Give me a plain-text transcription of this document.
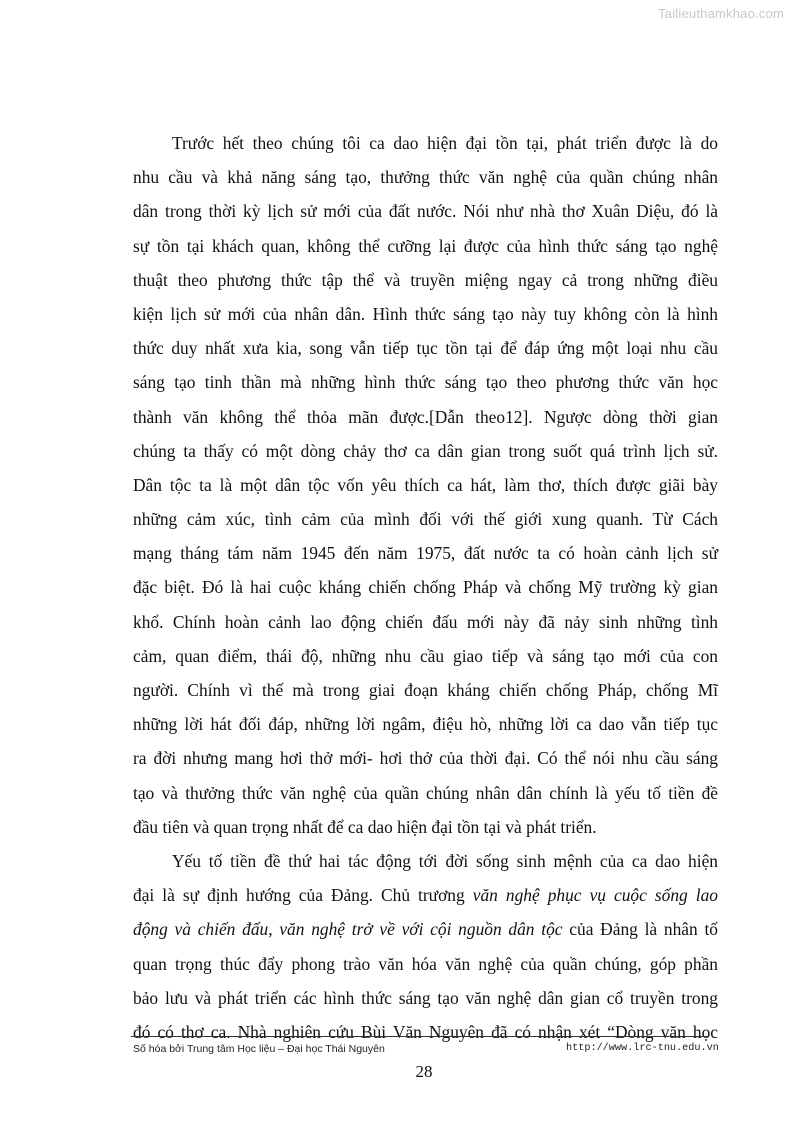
Tailieuthamkhao.com
Trước hết theo chúng tôi ca dao hiện đại tồn tại, phát triển được là do
nhu cầu và khả năng sáng tạo, thưởng thức văn nghệ của quần chúng nhân
dân trong thời kỳ lịch sử mới của đất nước. Nói như nhà thơ Xuân Diệu, đó là
sự tồn tại khách quan, không thể cưỡng lại được của hình thức sáng tạo nghệ
thuật theo phương thức tập thể và truyền miệng ngay cả trong những điều
kiện lịch sử mới của nhân dân. Hình thức sáng tạo này tuy không còn là hình
thức duy nhất xưa kia, song vẫn tiếp tục tồn tại để đáp ứng một loại nhu cầu
sáng tạo tinh thần mà những hình thức sáng tạo theo phương thức văn học
thành văn không thể thỏa mãn được.[Dẫn theo12]. Ngược dòng thời gian
chúng ta thấy có một dòng chảy thơ ca dân gian trong suốt quá trình lịch sử.
Dân tộc ta là một dân tộc vốn yêu thích ca hát, làm thơ, thích được giãi bày
những cảm xúc, tình cảm của mình đối với thế giới xung quanh. Từ Cách
mạng tháng tám năm 1945 đến năm 1975, đất nước ta có hoàn cảnh lịch sử
đặc biệt. Đó là hai cuộc kháng chiến chống Pháp và chống Mỹ trường kỳ gian
khổ. Chính hoàn cảnh lao động chiến đấu mới này đã nảy sinh những tình
cảm, quan điểm, thái độ, những nhu cầu giao tiếp và sáng tạo mới của con
người. Chính vì thế mà trong giai đoạn kháng chiến chống Pháp, chống Mĩ
những lời hát đối đáp, những lời ngâm, điệu hò, những lời ca dao vẫn tiếp tục
ra đời nhưng mang hơi thở mới- hơi thở của thời đại. Có thể nói nhu cầu sáng
tạo và thưởng thức văn nghệ của quần chúng nhân dân chính là yếu tố tiền đề
đầu tiên và quan trọng nhất để ca dao hiện đại tồn tại và phát triển.
Yếu tố tiền đề thứ hai tác động tới đời sống sinh mệnh của ca dao hiện
đại là sự định hướng của Đảng. Chủ trương văn nghệ phục vụ cuộc sống lao
động và chiến đấu, văn nghệ trở về với cội nguồn dân tộc của Đảng là nhân tố
quan trọng thúc đẩy phong trào văn hóa văn nghệ của quần chúng, góp phần
bảo lưu và phát triển các hình thức sáng tạo văn nghệ dân gian cổ truyền trong
đó có thơ ca. Nhà nghiên cứu Bùi Văn Nguyên đã có nhận xét “Dòng văn học
Số hóa bởi Trung tâm Học liệu – Đại học Thái Nguyên	http://www.lrc-tnu.edu.vn
28
